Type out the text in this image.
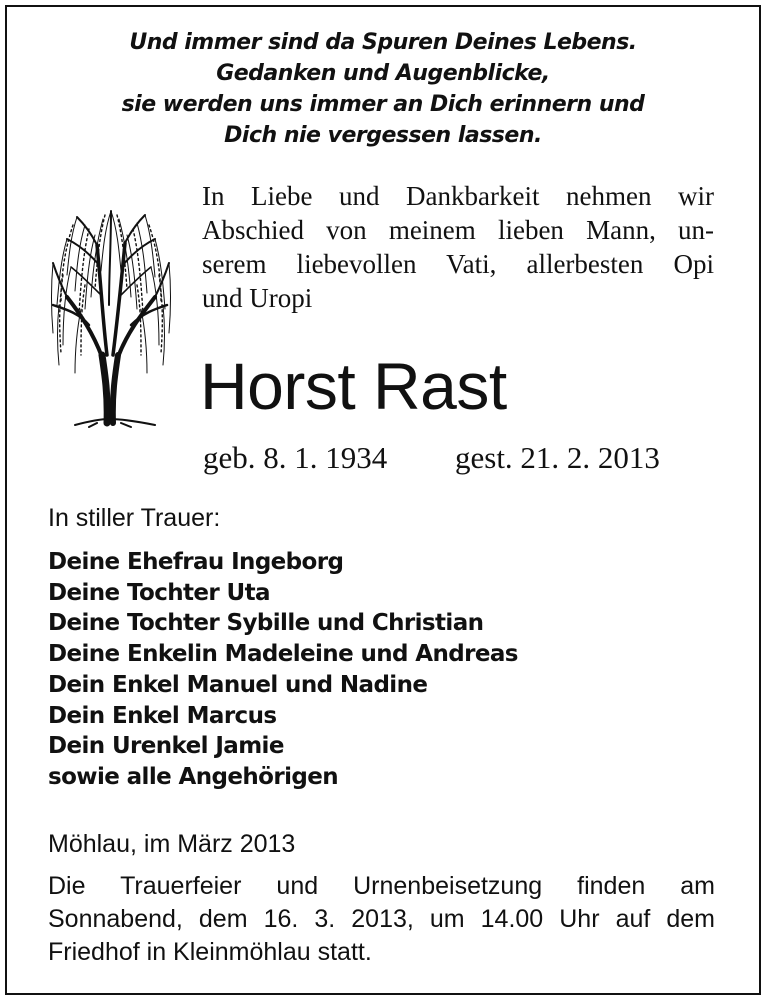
Und immer sind da Spuren Deines Lebens.
Gedanken und Augenblicke,
sie werden uns immer an Dich erinnern und
Dich nie vergessen lassen.
In Liebe und Dankbarkeit nehmen wir
Abschied von meinem lieben Mann, un-
serem liebevollen Vati, allerbesten Opi
und Uropi
Horst Rast
geb. 8. 1. 1934 gest. 21. 2. 2013
In stiller Trauer:
Deine Ehefrau Ingeborg
Deine Tochter Uta
Deine Tochter Sybille und Christian
Deine Enkelin Madeleine und Andreas
Dein Enkel Manuel und Nadine
Dein Enkel Marcus
Dein Urenkel Jamie
sowie alle Angehörigen
Möhlau, im März 2013
Die Trauerfeier und Urnenbeisetzung finden am
Sonnabend, dem 16. 3. 2013, um 14.00 Uhr auf dem
Friedhof in Kleinmöhlau statt.
